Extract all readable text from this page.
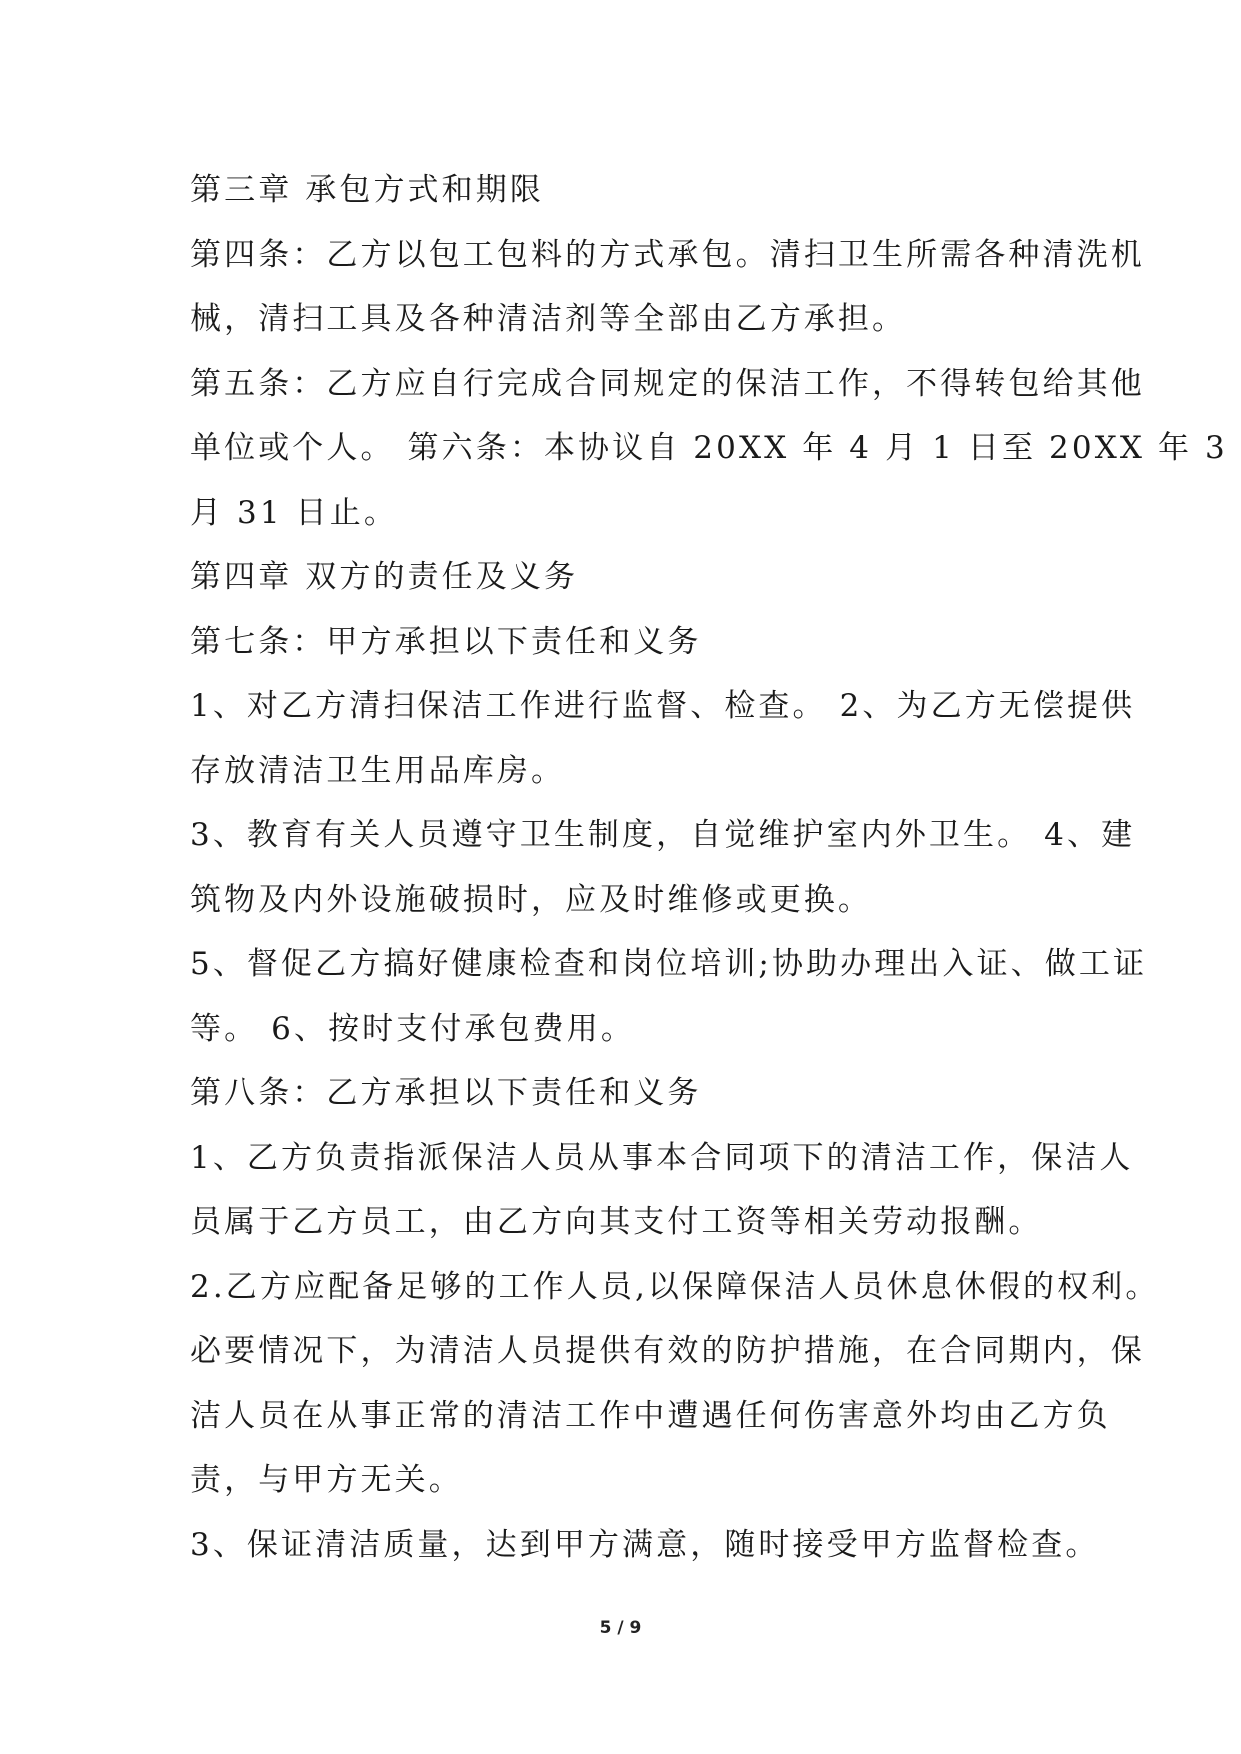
第三章 承包方式和期限
第四条：乙方以包工包料的方式承包。清扫卫生所需各种清洗机
械，清扫工具及各种清洁剂等全部由乙方承担。
第五条：乙方应自行完成合同规定的保洁工作，不得转包给其他
单位或个人。 第六条：本协议自 20XX 年 4 月 1 日至 20XX 年 3
月 31 日止。
第四章 双方的责任及义务
第七条：甲方承担以下责任和义务
1、对乙方清扫保洁工作进行监督、检查。 2、为乙方无偿提供
存放清洁卫生用品库房。
3、教育有关人员遵守卫生制度，自觉维护室内外卫生。 4、建
筑物及内外设施破损时，应及时维修或更换。
5、督促乙方搞好健康检查和岗位培训;协助办理出入证、做工证
等。 6、按时支付承包费用。
第八条：乙方承担以下责任和义务
1、乙方负责指派保洁人员从事本合同项下的清洁工作，保洁人
员属于乙方员工，由乙方向其支付工资等相关劳动报酬。
2.乙方应配备足够的工作人员,以保障保洁人员休息休假的权利。
必要情况下，为清洁人员提供有效的防护措施，在合同期内，保
洁人员在从事正常的清洁工作中遭遇任何伤害意外均由乙方负
责，与甲方无关。
3、保证清洁质量，达到甲方满意，随时接受甲方监督检查。
5 / 9
